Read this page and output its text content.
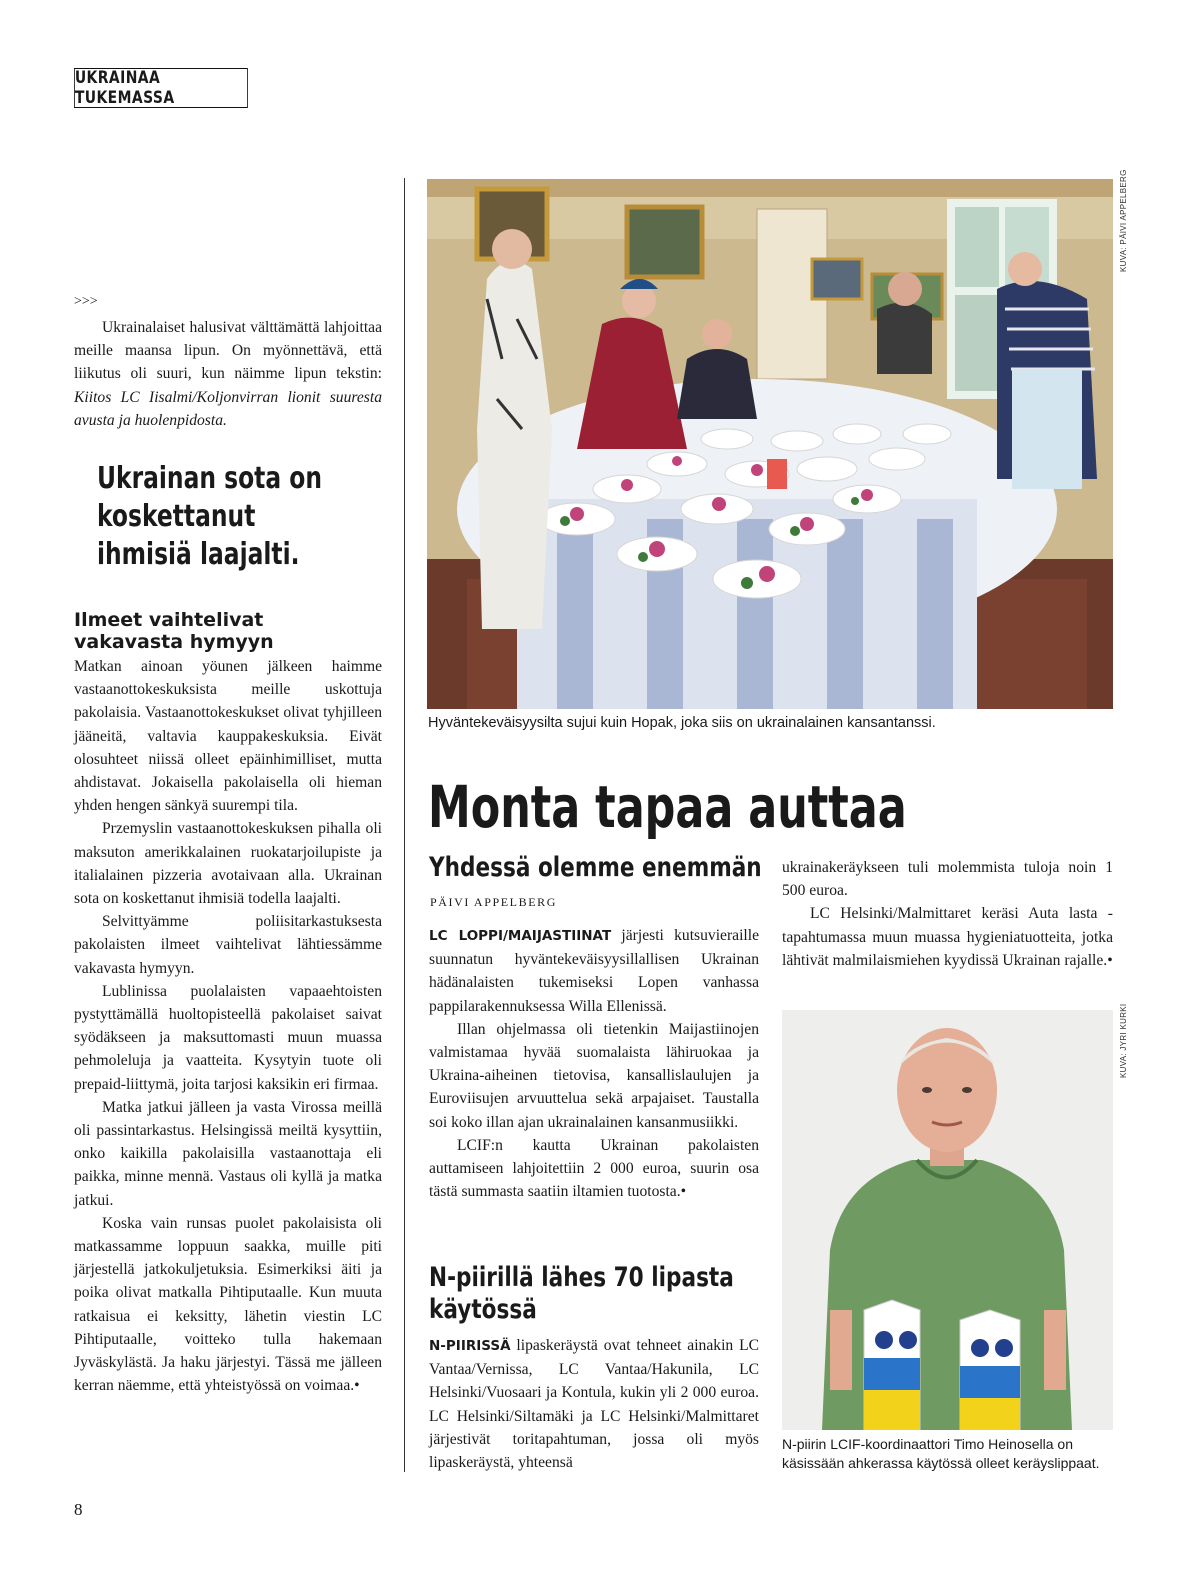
UKRAINAA TUKEMASSA
>>>

Ukrainalaiset halusivat välttämättä lahjoittaa meille maansa lipun. On myönnettävä, että liikutus oli suuri, kun näimme lipun tekstin: Kiitos LC Iisalmi/Koljonvirran lionit suuresta avusta ja huolenpidosta.

Ukrainan sota on koskettanut ihmisiä laajalti.
Ilmeet vaihtelivat vakavasta hymyyn

Matkan ainoan yöunen jälkeen haimme vastaanottokeskuksista meille uskottuja pakolaisia. Vastaanottokeskukset olivat tyhjilleen jääneitä, valtavia kauppakeskuksia. Eivät olosuhteet niissä olleet epäinhimilliset, mutta ahdistavat. Jokaisella pakolaisella oli hieman yhden hengen sänkyä suurempi tila.

Przemyslin vastaanottokeskuksen pihalla oli maksuton amerikkalainen ruokatarjoilupiste ja italialainen pizzeria avotaivaan alla. Ukrainan sota on koskettanut ihmisiä todella laajalti.

Selvittyämme poliisitarkastuksesta pakolaisten ilmeet vaihtelivat lähtiessämme vakavasta hymyyn.

Lublinissa puolalaisten vapaaehtoisten pystyttämällä huoltopisteellä pakolaiset saivat syödäkseen ja maksuttomasti muun muassa pehmoleluja ja vaatteita. Kysytyin tuote oli prepaid-liittymä, joita tarjosi kaksikin eri firmaa.

Matka jatkui jälleen ja vasta Virossa meillä oli passintarkastus. Helsingissä meiltä kysyttiin, onko kaikilla pakolaisilla vastaanottaja eli paikka, minne mennä. Vastaus oli kyllä ja matka jatkui.

Koska vain runsas puolet pakolaisista oli matkassamme loppuun saakka, muille piti järjestellä jatkokuljetuksia. Esimerkiksi äiti ja poika olivat matkalla Pihtiputaalle. Kun muuta ratkaisua ei keksitty, lähetin viestin LC Pihtiputaalle, voitteko tulla hakemaan Jyväskylästä. Ja haku järjestyi. Tässä me jälleen kerran näemme, että yhteistyössä on voimaa.•

KUVA: PÄIVI APPELBERG
Hyväntekeväisyysilta sujui kuin Hopak, joka siis on ukrainalainen kansantanssi.
Monta tapaa auttaa
Yhdessä olemme enemmän
PÄIVI APPELBERG

LC LOPPI/MAIJASTIINAT järjesti kutsuvieraille suunnatun hyväntekeväisyysillallisen Ukrainan hädänalaisten tukemiseksi Lopen vanhassa pappilarakennuksessa Willa Ellenissä.

Illan ohjelmassa oli tietenkin Maijastiinojen valmistamaa hyvää suomalaista lähiruokaa ja Ukraina-aiheinen tietovisa, kansallislaulujen ja Euroviisujen arvuuttelua sekä arpajaiset. Taustalla soi koko illan ajan ukrainalainen kansanmusiikki.

LCIF:n kautta Ukrainan pakolaisten auttamiseen lahjoitettiin 2 000 euroa, suurin osa tästä summasta saatiin iltamien tuotosta.•

N-piirillä lähes 70 lipasta käytössä

N-PIIRISSÄ lipaskeräystä ovat tehneet ainakin LC Vantaa/Vernissa, LC Vantaa/Hakunila, LC Helsinki/Vuosaari ja Kontula, kukin yli 2 000 euroa. LC Helsinki/Siltamäki ja LC Helsinki/Malmittaret järjestivät toritapahtuman, jossa oli myös lipaskeräystä, yhteensä

ukrainakeräykseen tuli molemmista tuloja noin 1 500 euroa.

LC Helsinki/Malmittaret keräsi Auta lasta -tapahtumassa muun muassa hygieniatuotteita, jotka lähtivät malmilaismiehen kyydissä Ukrainan rajalle.•

KUVA: JYRI KURKI
N-piirin LCIF-koordinaattori Timo Heinosella on käsissään ahkerassa käytössä olleet keräyslippaat.
8
